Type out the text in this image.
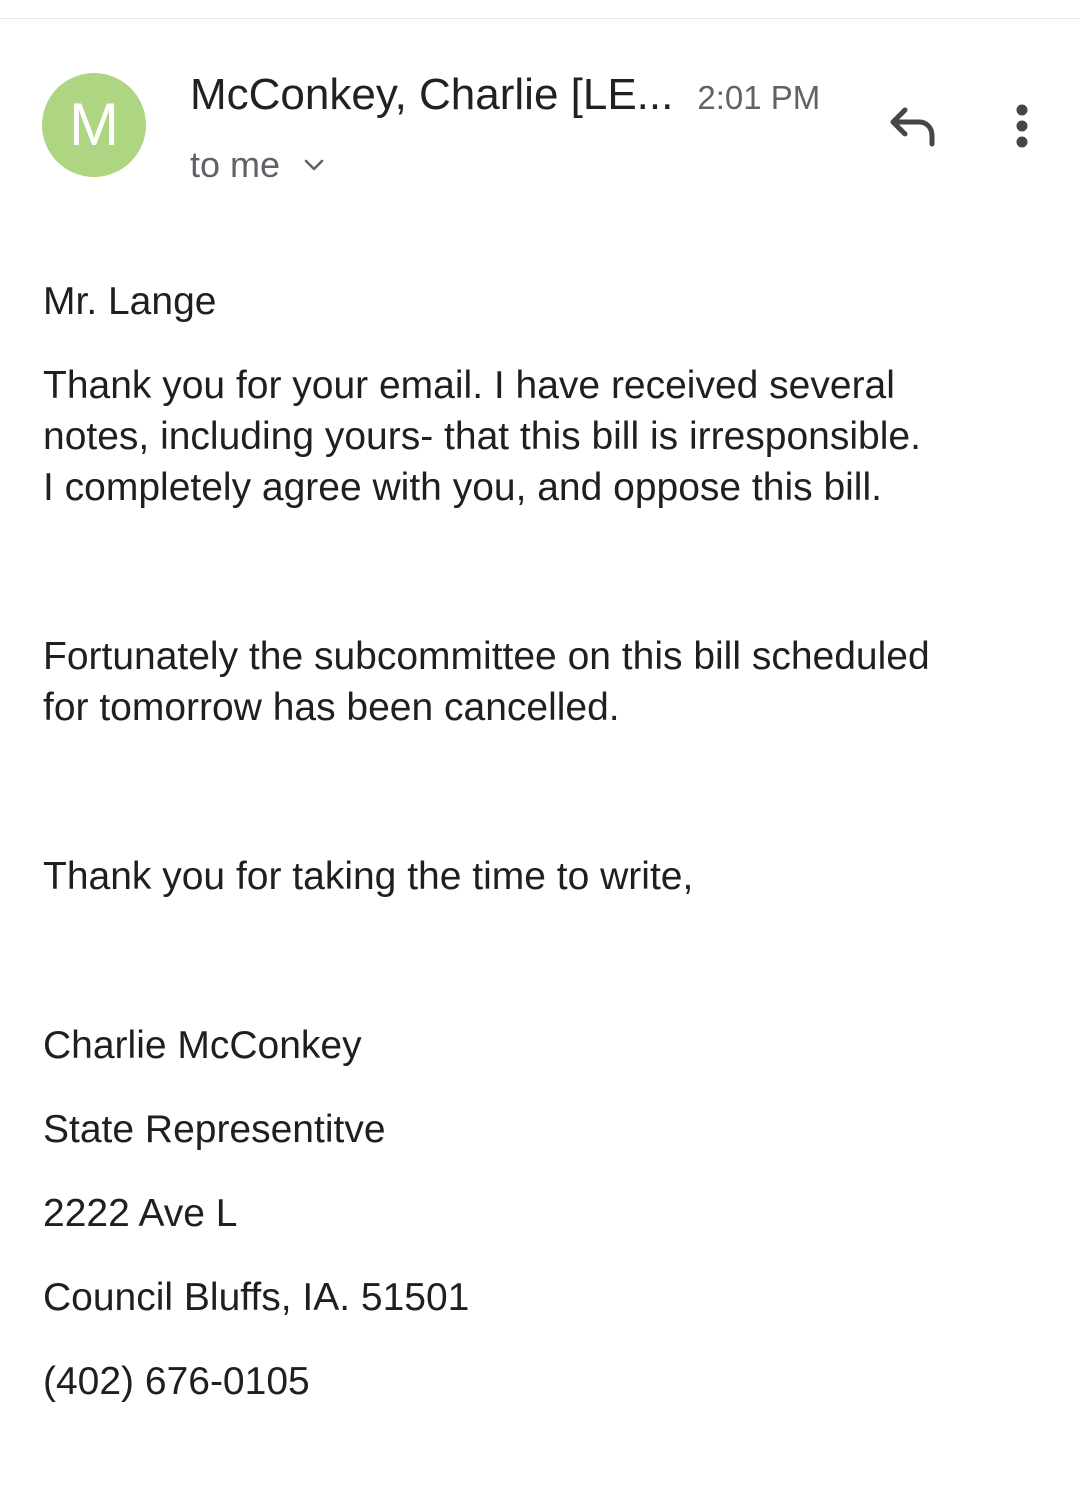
M	McConkey, Charlie [LE... 2:01 PM
to me

Mr. Lange

Thank you for your email. I have received several
notes, including yours- that this bill is irresponsible.
I completely agree with you, and oppose this bill.

Fortunately the subcommittee on this bill scheduled
for tomorrow has been cancelled.

Thank you for taking the time to write,

Charlie McConkey

State Representitve

2222 Ave L

Council Bluffs, IA. 51501

(402) 676-0105
